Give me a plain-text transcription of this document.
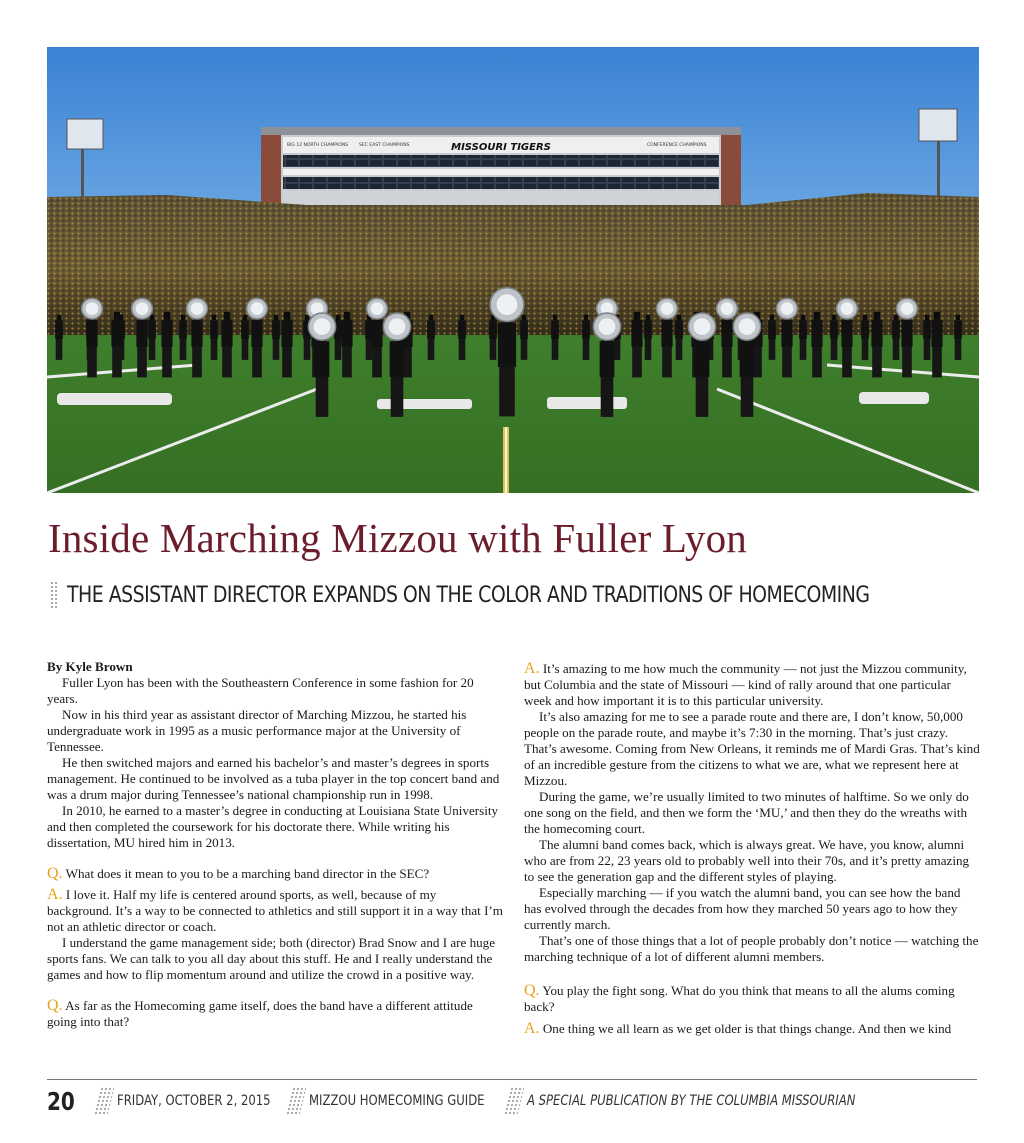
MISSOURI TIGERS
BIG 12 NORTH CHAMPIONS SEC EAST CHAMPIONS	CONFERENCE CHAMPIONS
Inside Marching Mizzou with Fuller Lyon
THE ASSISTANT DIRECTOR EXPANDS ON THE COLOR AND TRADITIONS OF HOMECOMING

By Kyle Brown

Fuller Lyon has been with the Southeastern Conference in some fashion for 20 years.

Now in his third year as assistant director of Marching Mizzou, he started his undergraduate work in 1995 as a music performance major at the University of Tennessee.

He then switched majors and earned his bachelor’s and master’s degrees in sports management. He continued to be involved as a tuba player in the top concert band and was a drum major during Tennessee’s national championship run in 1998.

In 2010, he earned to a master’s degree in conducting at Louisiana State University and then completed the coursework for his doctorate there. While writing his dissertation, MU hired him in 2013.

Q. What does it mean to you to be a marching band director in the SEC?

A. I love it. Half my life is centered around sports, as well, because of my background. It’s a way to be connected to athletics and still support it in a way that I’m not an athletic director or coach.

I understand the game management side; both (director) Brad Snow and I are huge sports fans. We can talk to you all day about this stuff. He and I really understand the games and how to flip momentum around and utilize the crowd in a positive way.

Q. As far as the Homecoming game itself, does the band have a different attitude going into that?

A. It’s amazing to me how much the community — not just the Mizzou community, but Columbia and the state of Missouri — kind of rally around that one particular week and how important it is to this particular university.

It’s also amazing for me to see a parade route and there are, I don’t know, 50,000 people on the parade route, and maybe it’s 7:30 in the morning. That’s just crazy. That’s awesome. Coming from New Orleans, it reminds me of Mardi Gras. That’s kind of an incredible gesture from the citizens to what we are, what we represent here at Mizzou.

During the game, we’re usually limited to two minutes of halftime. So we only do one song on the field, and then we form the ‘MU,’ and then they do the wreaths with the homecoming court.

The alumni band comes back, which is always great. We have, you know, alumni who are from 22, 23 years old to probably well into their 70s, and it’s pretty amazing to see the generation gap and the different styles of playing.

Especially marching — if you watch the alumni band, you can see how the band has evolved through the decades from how they marched 50 years ago to how they currently march.

That’s one of those things that a lot of people probably don’t notice — watching the marching technique of a lot of different alumni members.

Q. You play the fight song. What do you think that means to all the alums coming back?

A. One thing we all learn as we get older is that things change. And then we kind

20	FRIDAY, OCTOBER 2, 2015	MIZZOU HOMECOMING GUIDE	A SPECIAL PUBLICATION BY THE COLUMBIA MISSOURIAN
